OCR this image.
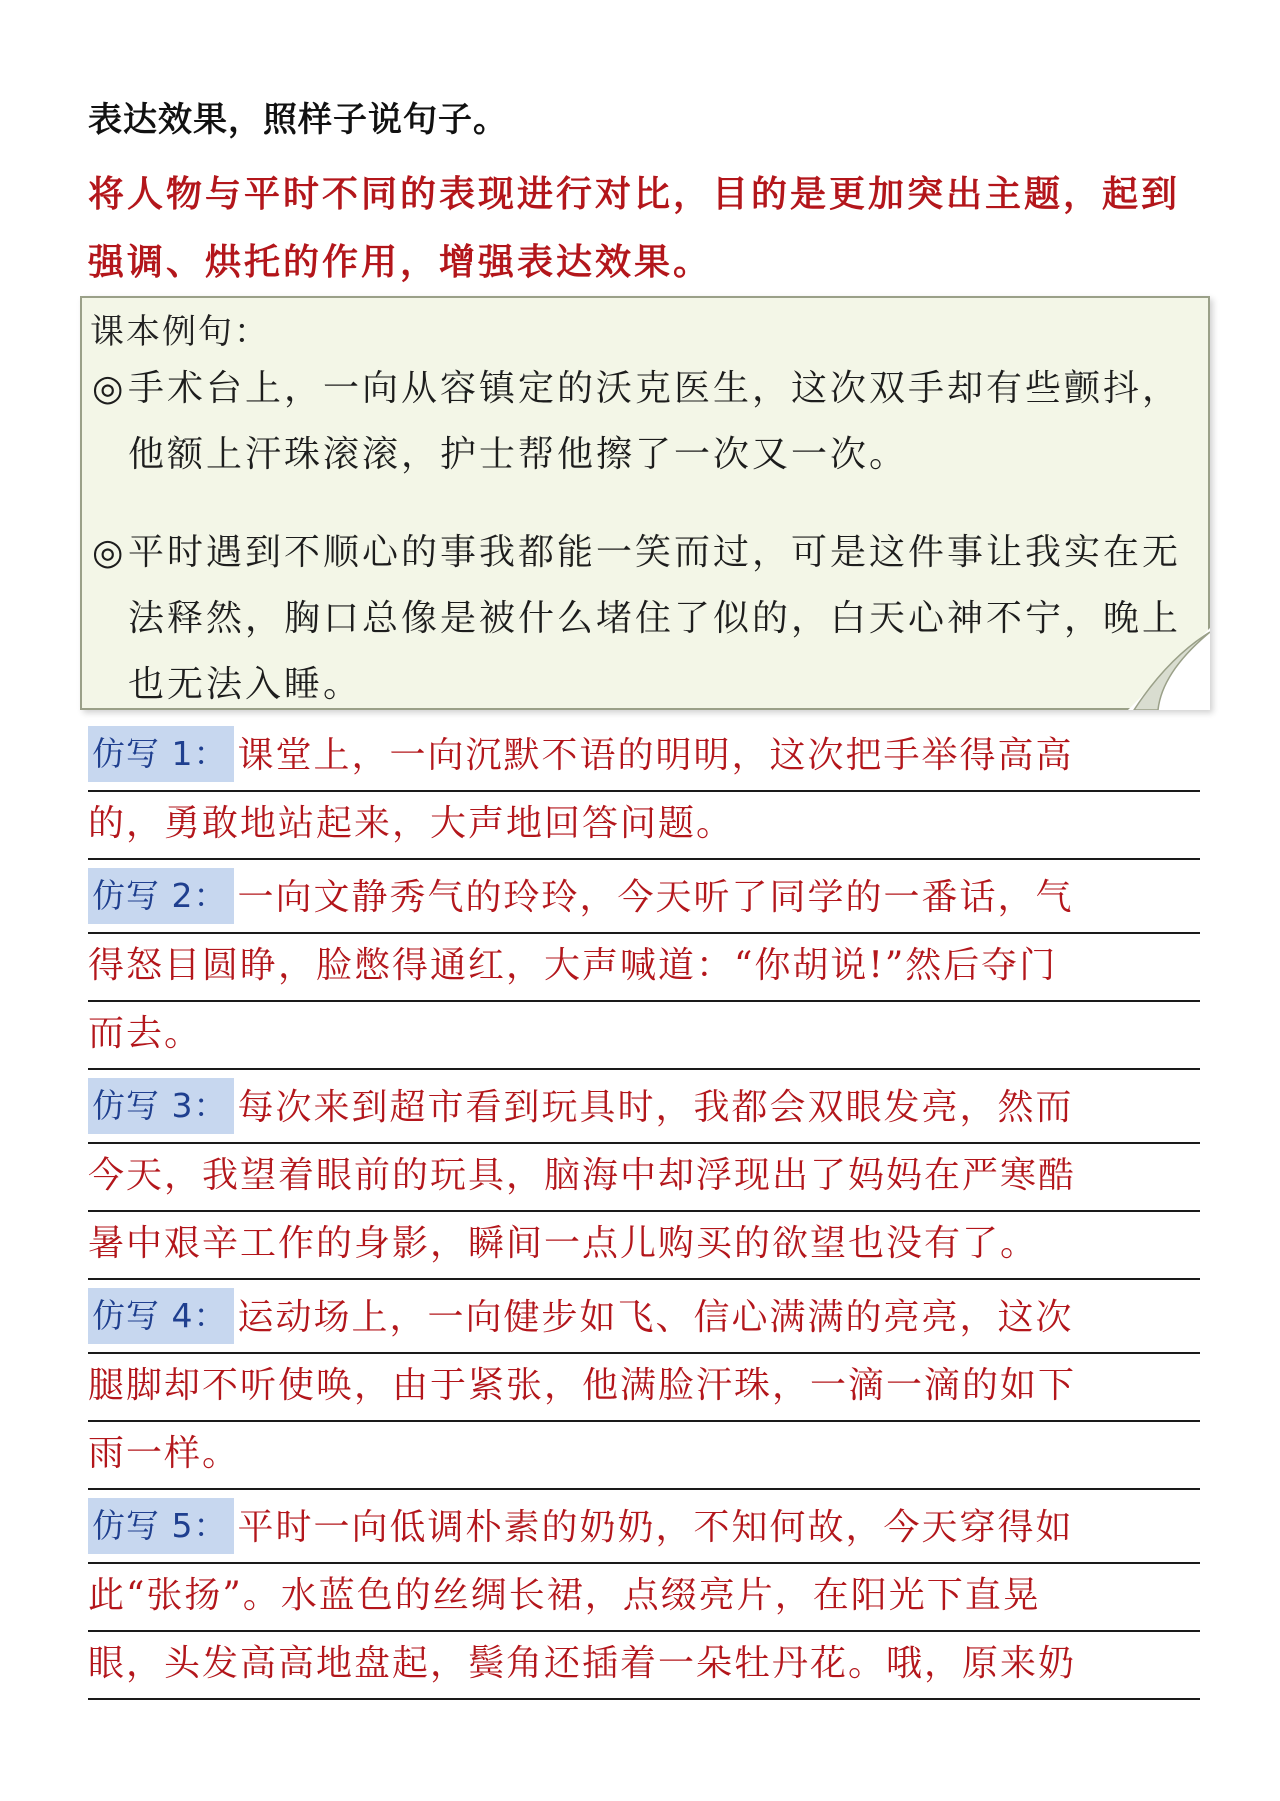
表达效果，照样子说句子。
将人物与平时不同的表现进行对比，目的是更加突出主题，起到
强调、烘托的作用，增强表达效果。
课本例句：
◎手术台上，一向从容镇定的沃克医生，这次双手却有些颤抖，
他额上汗珠滚滚，护士帮他擦了一次又一次。
◎平时遇到不顺心的事我都能一笑而过，可是这件事让我实在无
法释然，胸口总像是被什么堵住了似的，白天心神不宁，晚上
也无法入睡。
仿写 1： 课堂上，一向沉默不语的明明，这次把手举得高高
的，勇敢地站起来，大声地回答问题。
仿写 2： 一向文静秀气的玲玲，今天听了同学的一番话，气
得怒目圆睁，脸憋得通红，大声喊道：“你胡说!”然后夺门
而去。
仿写 3： 每次来到超市看到玩具时，我都会双眼发亮，然而
今天，我望着眼前的玩具，脑海中却浮现出了妈妈在严寒酷
暑中艰辛工作的身影，瞬间一点儿购买的欲望也没有了。
仿写 4： 运动场上，一向健步如飞、信心满满的亮亮，这次
腿脚却不听使唤，由于紧张，他满脸汗珠，一滴一滴的如下
雨一样。
仿写 5： 平时一向低调朴素的奶奶，不知何故，今天穿得如
此“张扬”。水蓝色的丝绸长裙，点缀亮片，在阳光下直晃
眼，头发高高地盘起，鬓角还插着一朵牡丹花。哦，原来奶
